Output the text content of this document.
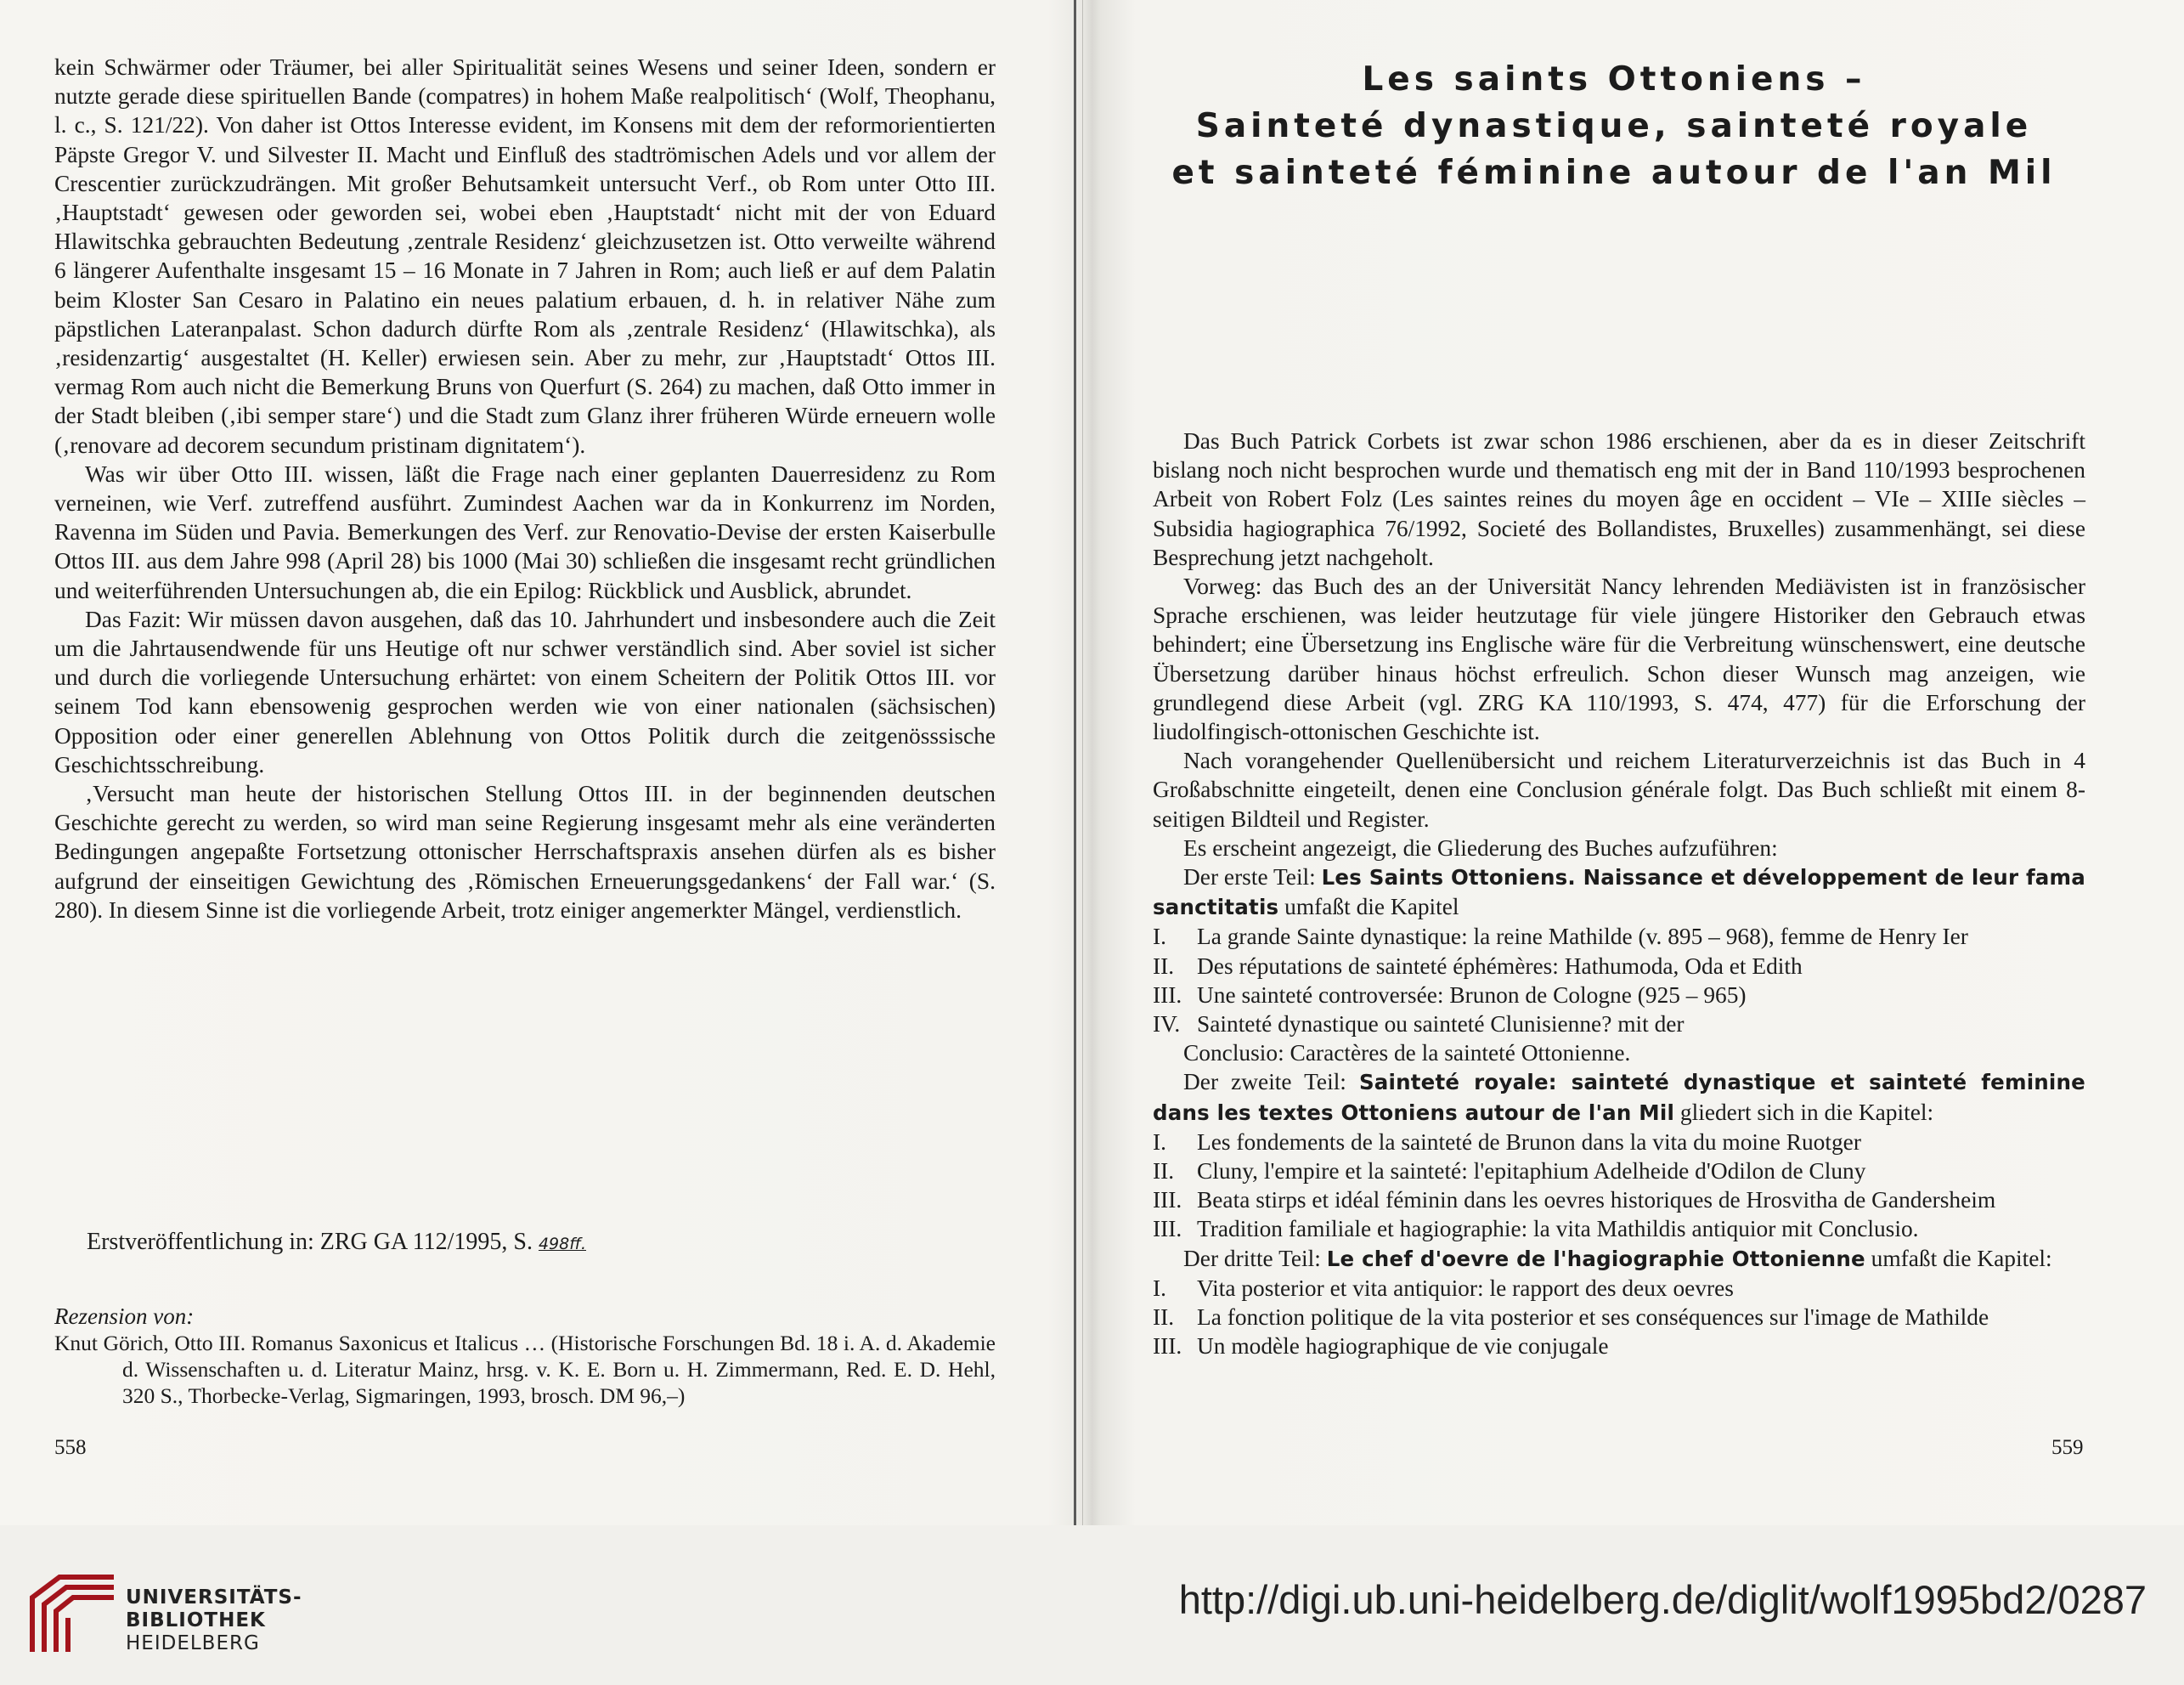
kein Schwärmer oder Träumer, bei aller Spiritualität seines Wesens und seiner Ideen, sondern er nutzte gerade diese spirituellen Bande (compatres) in hohem Maße realpolitisch‘ (Wolf, Theophanu, l. c., S. 121/22). Von daher ist Ottos Interesse evident, im Konsens mit dem der reformorientierten Päpste Gregor V. und Silvester II. Macht und Einfluß des stadtrömischen Adels und vor allem der Crescentier zurückzudrängen. Mit großer Behutsamkeit untersucht Verf., ob Rom unter Otto III. ‚Hauptstadt‘ gewesen oder geworden sei, wobei eben ‚Hauptstadt‘ nicht mit der von Eduard Hlawitschka gebrauchten Bedeutung ‚zentrale Residenz‘ gleichzusetzen ist. Otto verweilte während 6 längerer Aufenthalte insgesamt 15 – 16 Monate in 7 Jahren in Rom; auch ließ er auf dem Palatin beim Kloster San Cesaro in Palatino ein neues palatium erbauen, d. h. in relativer Nähe zum päpstlichen Lateranpalast. Schon dadurch dürfte Rom als ‚zentrale Residenz‘ (Hlawitschka), als ‚residenzartig‘ ausgestaltet (H. Keller) erwiesen sein. Aber zu mehr, zur ‚Hauptstadt‘ Ottos III. vermag Rom auch nicht die Bemerkung Bruns von Querfurt (S. 264) zu machen, daß Otto immer in der Stadt bleiben (‚ibi semper stare‘) und die Stadt zum Glanz ihrer früheren Würde erneuern wolle (‚renovare ad decorem secundum pristinam dignitatem‘).

Was wir über Otto III. wissen, läßt die Frage nach einer geplanten Dauerresidenz zu Rom verneinen, wie Verf. zutreffend ausführt. Zumindest Aachen war da in Konkurrenz im Norden, Ravenna im Süden und Pavia. Bemerkungen des Verf. zur Renovatio-Devise der ersten Kaiserbulle Ottos III. aus dem Jahre 998 (April 28) bis 1000 (Mai 30) schließen die insgesamt recht gründlichen und weiterführenden Untersuchungen ab, die ein Epilog: Rückblick und Ausblick, abrundet.

Das Fazit: Wir müssen davon ausgehen, daß das 10. Jahrhundert und insbesondere auch die Zeit um die Jahrtausendwende für uns Heutige oft nur schwer verständlich sind. Aber soviel ist sicher und durch die vorliegende Untersuchung erhärtet: von einem Scheitern der Politik Ottos III. vor seinem Tod kann ebensowenig gesprochen werden wie von einer nationalen (sächsischen) Opposition oder einer generellen Ablehnung von Ottos Politik durch die zeitgenösssische Geschichtsschreibung.

‚Versucht man heute der historischen Stellung Ottos III. in der beginnenden deutschen Geschichte gerecht zu werden, so wird man seine Regierung insgesamt mehr als eine veränderten Bedingungen angepaßte Fortsetzung ottonischer Herrschaftspraxis ansehen dürfen als es bisher aufgrund der einseitigen Gewichtung des ‚Römischen Erneuerungsgedankens‘ der Fall war.‘ (S. 280). In diesem Sinne ist die vorliegende Arbeit, trotz einiger angemerkter Mängel, verdienstlich.

Erstveröffentlichung in: ZRG GA 112/1995, S. 498ff.
Rezension von:
Knut Görich, Otto III. Romanus Saxonicus et Italicus … (Historische Forschungen Bd. 18 i. A. d. Akademie d. Wissenschaften u. d. Literatur Mainz, hrsg. v. K. E. Born u. H. Zimmermann, Red. E. D. Hehl, 320 S., Thorbecke-Verlag, Sigmaringen, 1993, brosch. DM 96,–)
558
Les saints Ottoniens –
Sainteté dynastique, sainteté royale
et sainteté féminine autour de l'an Mil

Das Buch Patrick Corbets ist zwar schon 1986 erschienen, aber da es in dieser Zeitschrift bislang noch nicht besprochen wurde und thematisch eng mit der in Band 110/1993 besprochenen Arbeit von Robert Folz (Les saintes reines du moyen âge en occident – VIe – XIIIe siècles – Subsidia hagiographica 76/1992, Societé des Bollandistes, Bruxelles) zusammenhängt, sei diese Besprechung jetzt nachgeholt.

Vorweg: das Buch des an der Universität Nancy lehrenden Mediävisten ist in französischer Sprache erschienen, was leider heutzutage für viele jüngere Historiker den Gebrauch etwas behindert; eine Übersetzung ins Englische wäre für die Verbreitung wünschenswert, eine deutsche Übersetzung darüber hinaus höchst erfreulich. Schon dieser Wunsch mag anzeigen, wie grundlegend diese Arbeit (vgl. ZRG KA 110/1993, S. 474, 477) für die Erforschung der liudolfingisch-ottonischen Geschichte ist.

Nach vorangehender Quellenübersicht und reichem Literaturverzeichnis ist das Buch in 4 Großabschnitte eingeteilt, denen eine Conclusion générale folgt. Das Buch schließt mit einem 8-seitigen Bildteil und Register.

Es erscheint angezeigt, die Gliederung des Buches aufzuführen:

Der erste Teil: Les Saints Ottoniens. Naissance et développement de leur fama sanctitatis umfaßt die Kapitel

I.	La grande Sainte dynastique: la reine Mathilde (v. 895 – 968), femme de Henry Ier
II. Des réputations de sainteté éphémères: Hathumoda, Oda et Edith
III. Une sainteté controversée: Brunon de Cologne (925 – 965)
IV. Sainteté dynastique ou sainteté Clunisienne? mit der

Conclusio: Caractères de la sainteté Ottonienne.

Der zweite Teil: Sainteté royale: sainteté dynastique et sainteté feminine dans les textes Ottoniens autour de l'an Mil gliedert sich in die Kapitel:

I.	Les fondements de la sainteté de Brunon dans la vita du moine Ruotger
II. Cluny, l'empire et la sainteté: l'epitaphium Adelheide d'Odilon de Cluny
III. Beata stirps et idéal féminin dans les oevres historiques de Hrosvitha de Gandersheim
III. Tradition familiale et hagiographie: la vita Mathildis antiquior mit Conclusio.

Der dritte Teil: Le chef d'oevre de l'hagiographie Ottonienne umfaßt die Kapitel:

I.	Vita posterior et vita antiquior: le rapport des deux oevres
II. La fonction politique de la vita posterior et ses conséquences sur l'image de Mathilde
III. Un modèle hagiographique de vie conjugale
559
UNIVERSITÄTS-
BIBLIOTHEK
HEIDELBERG
http://digi.ub.uni-heidelberg.de/diglit/wolf1995bd2/0287
